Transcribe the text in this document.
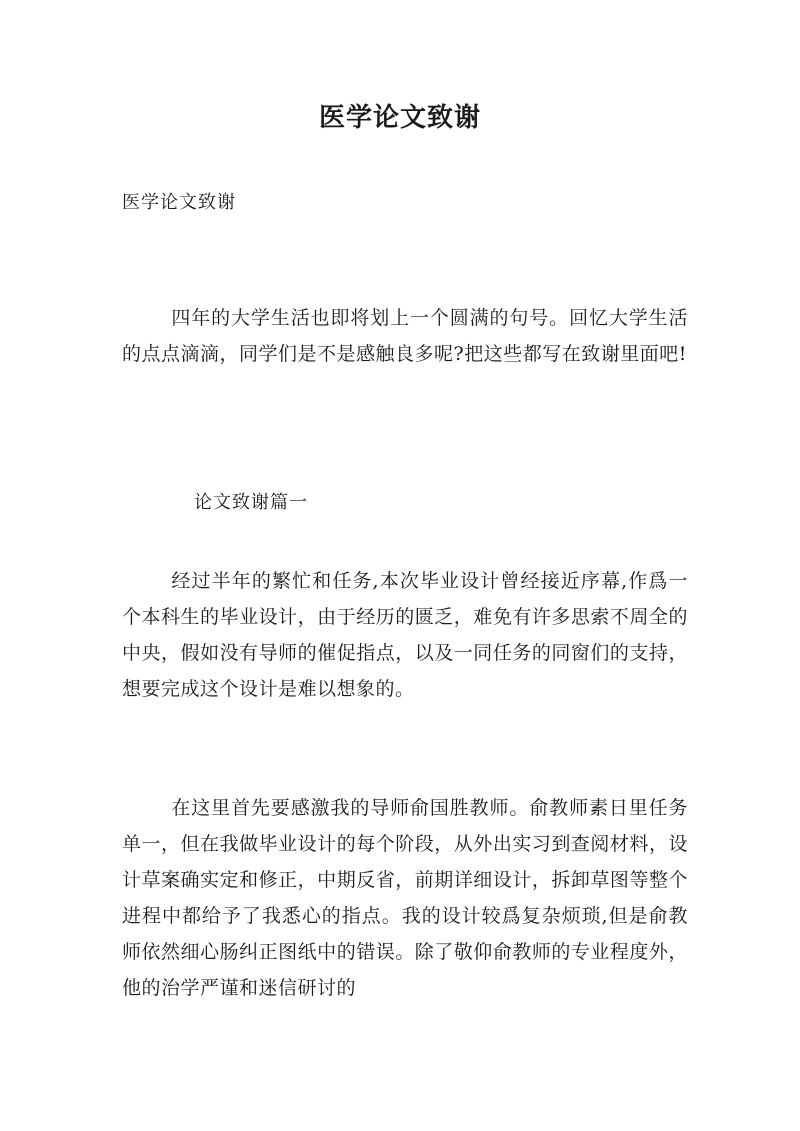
医学论文致谢

医学论文致谢

四年的大学生活也即将划上一个圆满的句号。回忆大学生活的点点滴滴，同学们是不是感触良多呢?把这些都写在致谢里面吧!

论文致谢篇一

经过半年的繁忙和任务,本次毕业设计曾经接近序幕,作爲一个本科生的毕业设计，由于经历的匮乏，难免有许多思索不周全的中央，假如没有导师的催促指点，以及一同任务的同窗们的支持，想要完成这个设计是难以想象的。

在这里首先要感激我的导师俞国胜教师。俞教师素日里任务单一，但在我做毕业设计的每个阶段，从外出实习到查阅材料，设计草案确实定和修正，中期反省，前期详细设计，拆卸草图等整个进程中都给予了我悉心的指点。我的设计较爲复杂烦琐,但是俞教师依然细心肠纠正图纸中的错误。除了敬仰俞教师的专业程度外，他的治学严谨和迷信研讨的
